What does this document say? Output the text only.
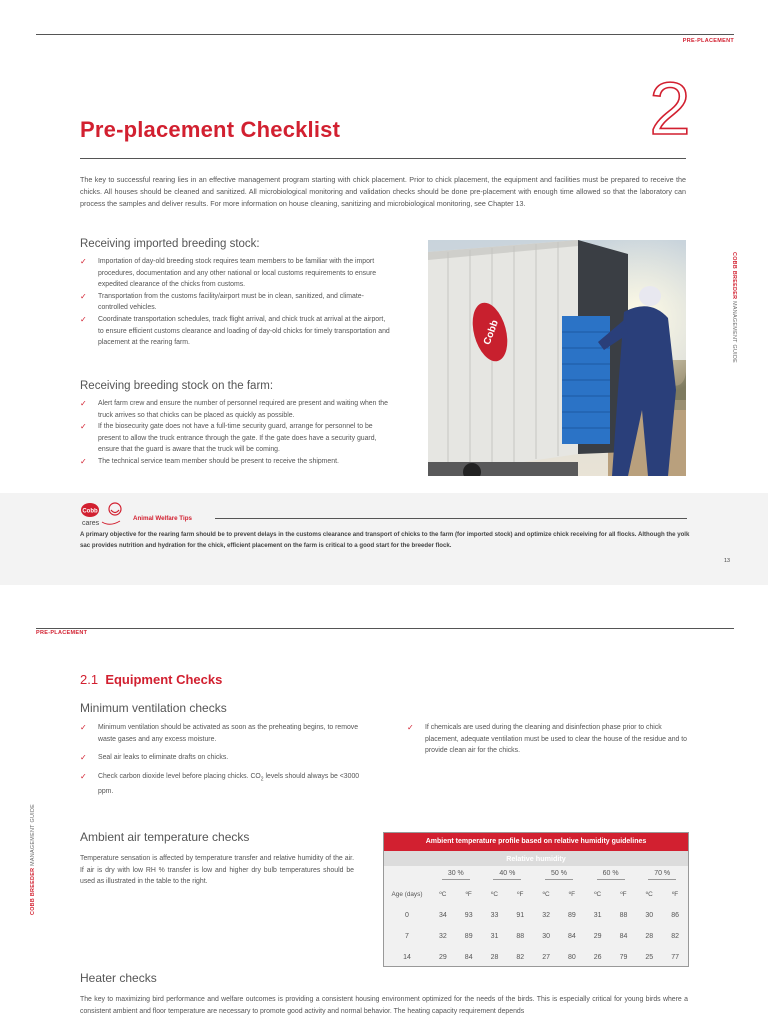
PRE-PLACEMENT
2
Pre-placement Checklist

The key to successful rearing lies in an effective management program starting with chick placement. Prior to chick placement, the equipment and facilities must be prepared to receive the chicks. All houses should be cleaned and sanitized. All microbiological monitoring and validation checks should be done pre-placement with enough time allowed so that the laboratory can process the samples and deliver results. For more information on house cleaning, sanitizing and microbiological monitoring, see Chapter 13.

Receiving imported breeding stock:
✓ Importation of day-old breeding stock requires team members to be familiar with the import procedures, documentation and any other national or local customs requirements to ensure expedited clearance of the chicks from customs.
✓ Transportation from the customs facility/airport must be in clean, sanitized, and climate-controlled vehicles.
✓ Coordinate transportation schedules, track flight arrival, and chick truck at arrival at the airport, to ensure efficient customs clearance and loading of day-old chicks for timely transportation and placement at the rearing farm.
Receiving breeding stock on the farm:
✓ Alert farm crew and ensure the number of personnel required are present and waiting when the truck arrives so that chicks can be placed as quickly as possible.
✓ If the biosecurity gate does not have a full-time security guard, arrange for personnel to be present to allow the truck entrance through the gate. If the gate does have a security guard, ensure that the guard is aware that the truck will be coming.
✓ The technical service team member should be present to receive the shipment.
Cobb
COBB BREEDER MANAGEMENT GUIDE
Cobb
cares
Animal Welfare Tips

A primary objective for the rearing farm should be to prevent delays in the customs clearance and transport of chicks to the farm (for imported stock) and optimize chick receiving for all flocks. Although the yolk sac provides nutrition and hydration for the chick, efficient placement on the farm is critical to a good start for the breeder flock.

13
PRE-PLACEMENT
2.1 Equipment Checks
Minimum ventilation checks
✓ Minimum ventilation should be activated as soon as the preheating begins, to remove waste gases and any excess moisture.
✓ Seal air leaks to eliminate drafts on chicks.
✓ Check carbon dioxide level before placing chicks. $CO_2$ levels should always be <3000 ppm.
✓ If chemicals are used during the cleaning and disinfection phase prior to chick placement, adequate ventilation must be used to clear the house of the residue and to provide clean air for the chicks.
Ambient air temperature checks

Temperature sensation is affected by temperature transfer and relative humidity of the air. If air is dry with low RH % transfer is low and higher dry bulb temperatures should be used as illustrated in the table to the right.

COBB BREEDER MANAGEMENT GUIDE	Ambient temperature profile based on relative humidity guidelines
Relative humidity
	30 %		40 %		50 %		60 %		70 %	
Age (days)	ºC	ºF	ºC	ºF	ºC	ºF	ºC	ºF	ºC	ºF
0	34	93	33	91	32	89	31	88	30	86
7	32	89	31	88	30	84	29	84	28	82
14	29	84	28	82	27	80	26	79	25	77
Heater checks

The key to maximizing bird performance and welfare outcomes is providing a consistent housing environment optimized for the needs of the birds. This is especially critical for young birds where a consistent ambient and floor temperature are necessary to promote good activity and normal behavior. The heating capacity requirement depends
